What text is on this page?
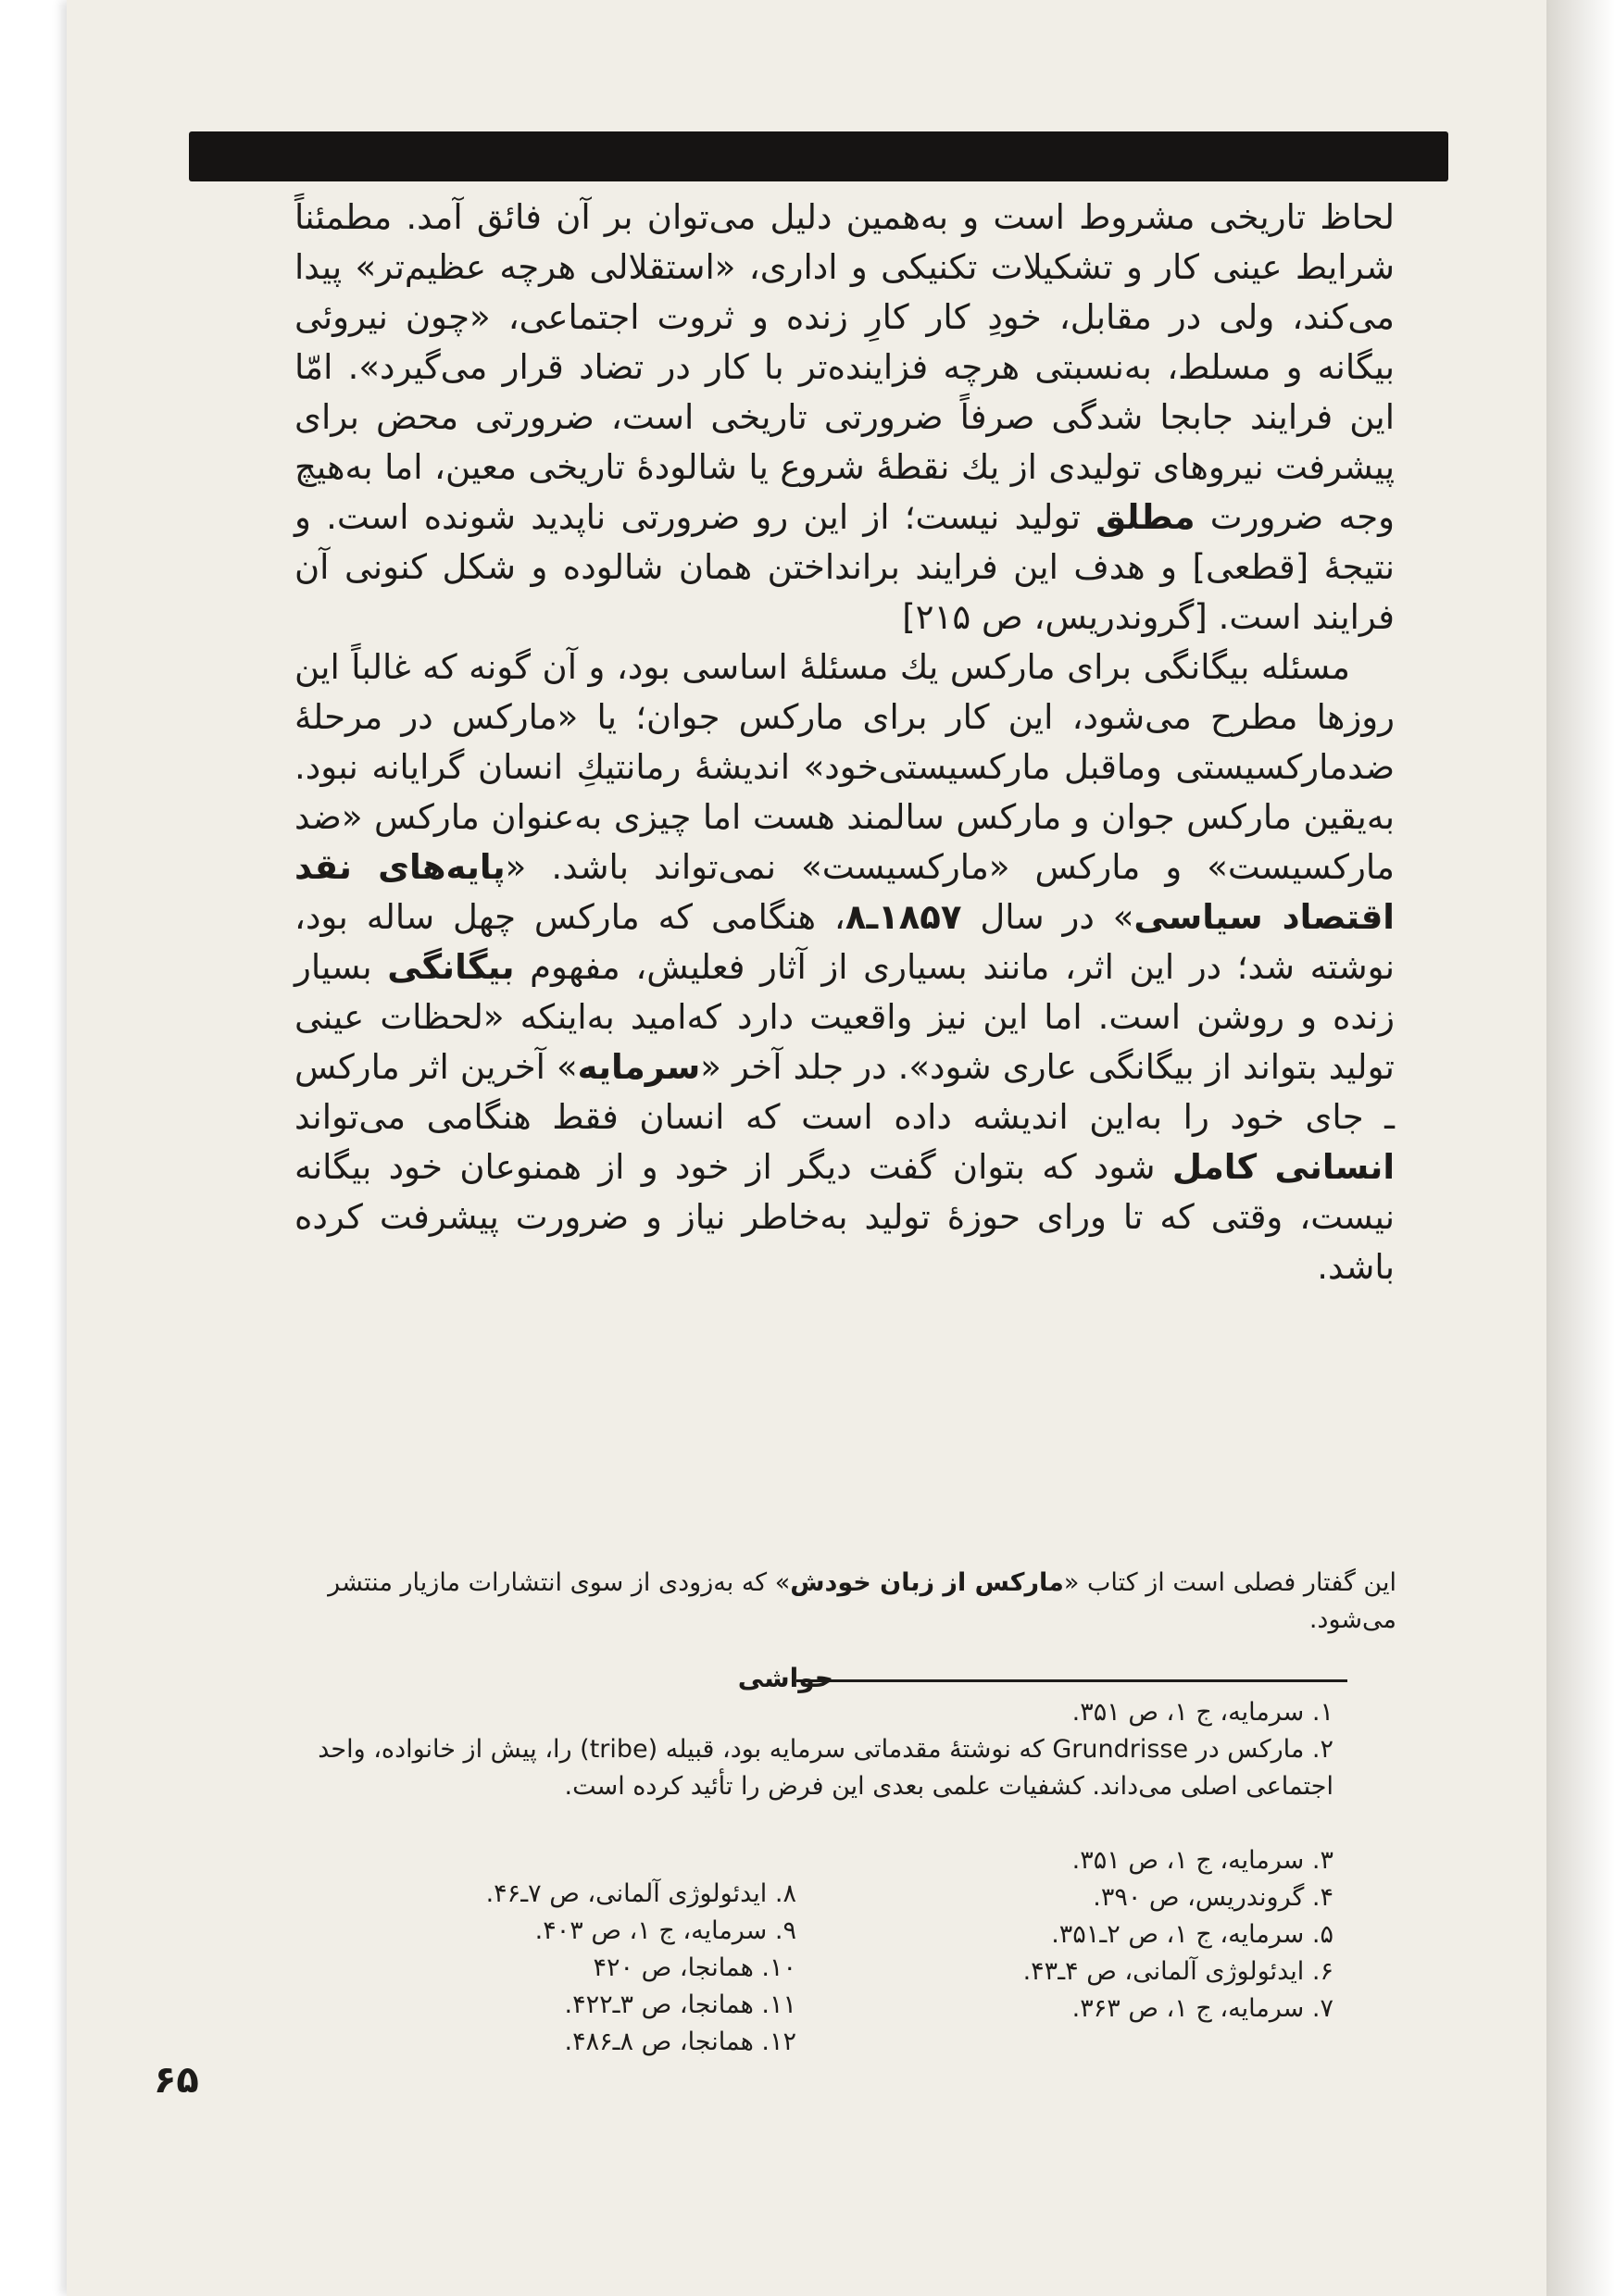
لحاظ تاریخی مشروط است و به‌همین دلیل می‌توان بر آن فائق آمد. مطمئناً شرایط عینی کار و تشکیلات تکنیکی و اداری، «استقلالی هرچه عظیم‌تر» پیدا می‌کند، ولی در مقابل، خودِ کار کارِ زنده و ثروت اجتماعی، «چون نیروئی بیگانه و مسلط، به‌نسبتی هرچه فزاینده‌تر با کار در تضاد قرار می‌گیرد». امّا این فرایند جابجا شدگی صرفاً ضرورتی تاریخی است، ضرورتی محض برای پیشرفت نیروهای تولیدی از یك نقطهٔ شروع یا شالودهٔ تاریخی معین، اما به‌هیچ وجه ضرورت مطلق تولید نیست؛ از این رو ضرورتی ناپدید شونده است. و نتیجهٔ [قطعی] و هدف این فرایند برانداختن همان شالوده و شکل کنونی آن فرایند است. [گروندریس، ص ۲۱۵]

مسئله بیگانگی برای مارکس یك مسئلهٔ اساسی بود، و آن گونه که غالباً این روزها مطرح می‌شود، این کار برای مارکس جوان؛ یا «مارکس در مرحلهٔ ضدمارکسیستی وماقبل مارکسیستی‌خود» اندیشهٔ رمانتیكِ انسان گرایانه نبود. به‌یقین مارکس جوان و مارکس سالمند هست اما چیزی به‌عنوان مارکس «ضد مارکسیست» و مارکس «مارکسیست» نمی‌تواند باشد. «پایه‌های نقد اقتصاد سیاسی» در سال ۱۸۵۷ـ۸، هنگامی که مارکس چهل ساله بود، نوشته شد؛ در این اثر، مانند بسیاری از آثار فعلیش، مفهوم بیگانگی بسیار زنده و روشن است. اما این نیز واقعیت دارد که‌امید به‌اینکه «لحظات عینی تولید بتواند از بیگانگی عاری شود». در جلد آخر «سرمایه» آخرین اثر مارکس ـ جای خود را به‌این اندیشه داده است که انسان فقط هنگامی می‌تواند انسانی کامل شود که بتوان گفت دیگر از خود و از همنوعان خود بیگانه نیست، وقتی که تا ورای حوزهٔ تولید به‌خاطر نیاز و ضرورت پیشرفت کرده باشد.

این گفتار فصلی است از کتاب «مارکس از زبان خودش» که به‌زودی از سوی انتشارات مازیار منتشر می‌شود.

حواشی
۱. سرمایه، ج ۱، ص ۳۵۱.

۲. مارکس در Grundrisse که نوشتهٔ مقدماتی سرمایه بود، قبیله (tribe) را، پیش از خانواده، واحد اجتماعی اصلی می‌داند. کشفیات علمی بعدی این فرض را تأئید کرده است.

۳. سرمایه، ج ۱، ص ۳۵۱.
۴. گروندریس، ص ۳۹۰.
۵. سرمایه، ج ۱، ص ۲ـ۳۵۱.
۶. ایدئولوژی آلمانی، ص ۴ـ۴۳.
۷. سرمایه، ج ۱، ص ۳۶۳.
۸. ایدئولوژی آلمانی، ص ۷ـ۴۶.
۹. سرمایه، ج ۱، ص ۴۰۳.
۱۰. همانجا، ص ۴۲۰
۱۱. همانجا، ص ۳ـ۴۲۲.
۱۲. همانجا، ص ۸ـ۴۸۶.
۶۵
